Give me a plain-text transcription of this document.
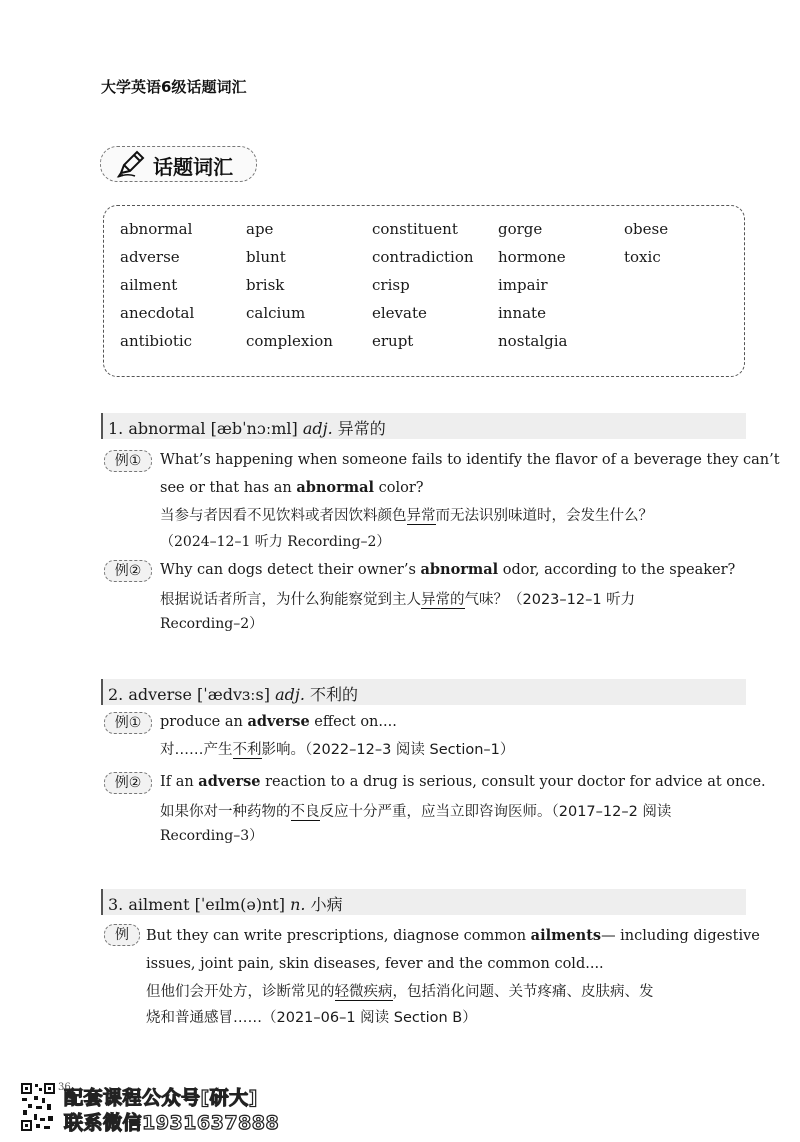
大学英语6级话题词汇
话题词汇
abnormal	ape	constituent	gorge	obese
adverse	blunt	contradiction	hormone	toxic
ailment	brisk	crisp	impair
anecdotal	calcium	elevate	innate
antibiotic	complexion	erupt	nostalgia
1. abnormal [æbˈnɔːml] adj. 异常的
例①	What’s happening when someone fails to identify the flavor of a beverage they can’t
see or that has an abnormal color?
当参与者因看不见饮料或者因饮料颜色异常而无法识别味道时，会发生什么？
（2024–12–1 听力 Recording–2）
例②	Why can dogs detect their owner’s abnormal odor, according to the speaker?
根据说话者所言，为什么狗能察觉到主人异常的气味？（2023–12–1 听力
Recording–2）
2. adverse [ˈædvɜːs] adj. 不利的
例①	produce an adverse effect on....
对……产生不利影响。（2022–12–3 阅读 Section–1）
例②	If an adverse reaction to a drug is serious, consult your doctor for advice at once.
如果你对一种药物的不良反应十分严重，应当立即咨询医师。（2017–12–2 阅读
Recording–3）
3. ailment [ˈeɪlm(ə)nt] n. 小病
例	But they can write prescriptions, diagnose common ailments— including digestive
issues, joint pain, skin diseases, fever and the common cold....
但他们会开处方，诊断常见的轻微疾病，包括消化问题、关节疼痛、皮肤病、发
烧和普通感冒……（2021–06–1 阅读 Section B）
36
配套课程公众号[研大]
联系微信1931637888
